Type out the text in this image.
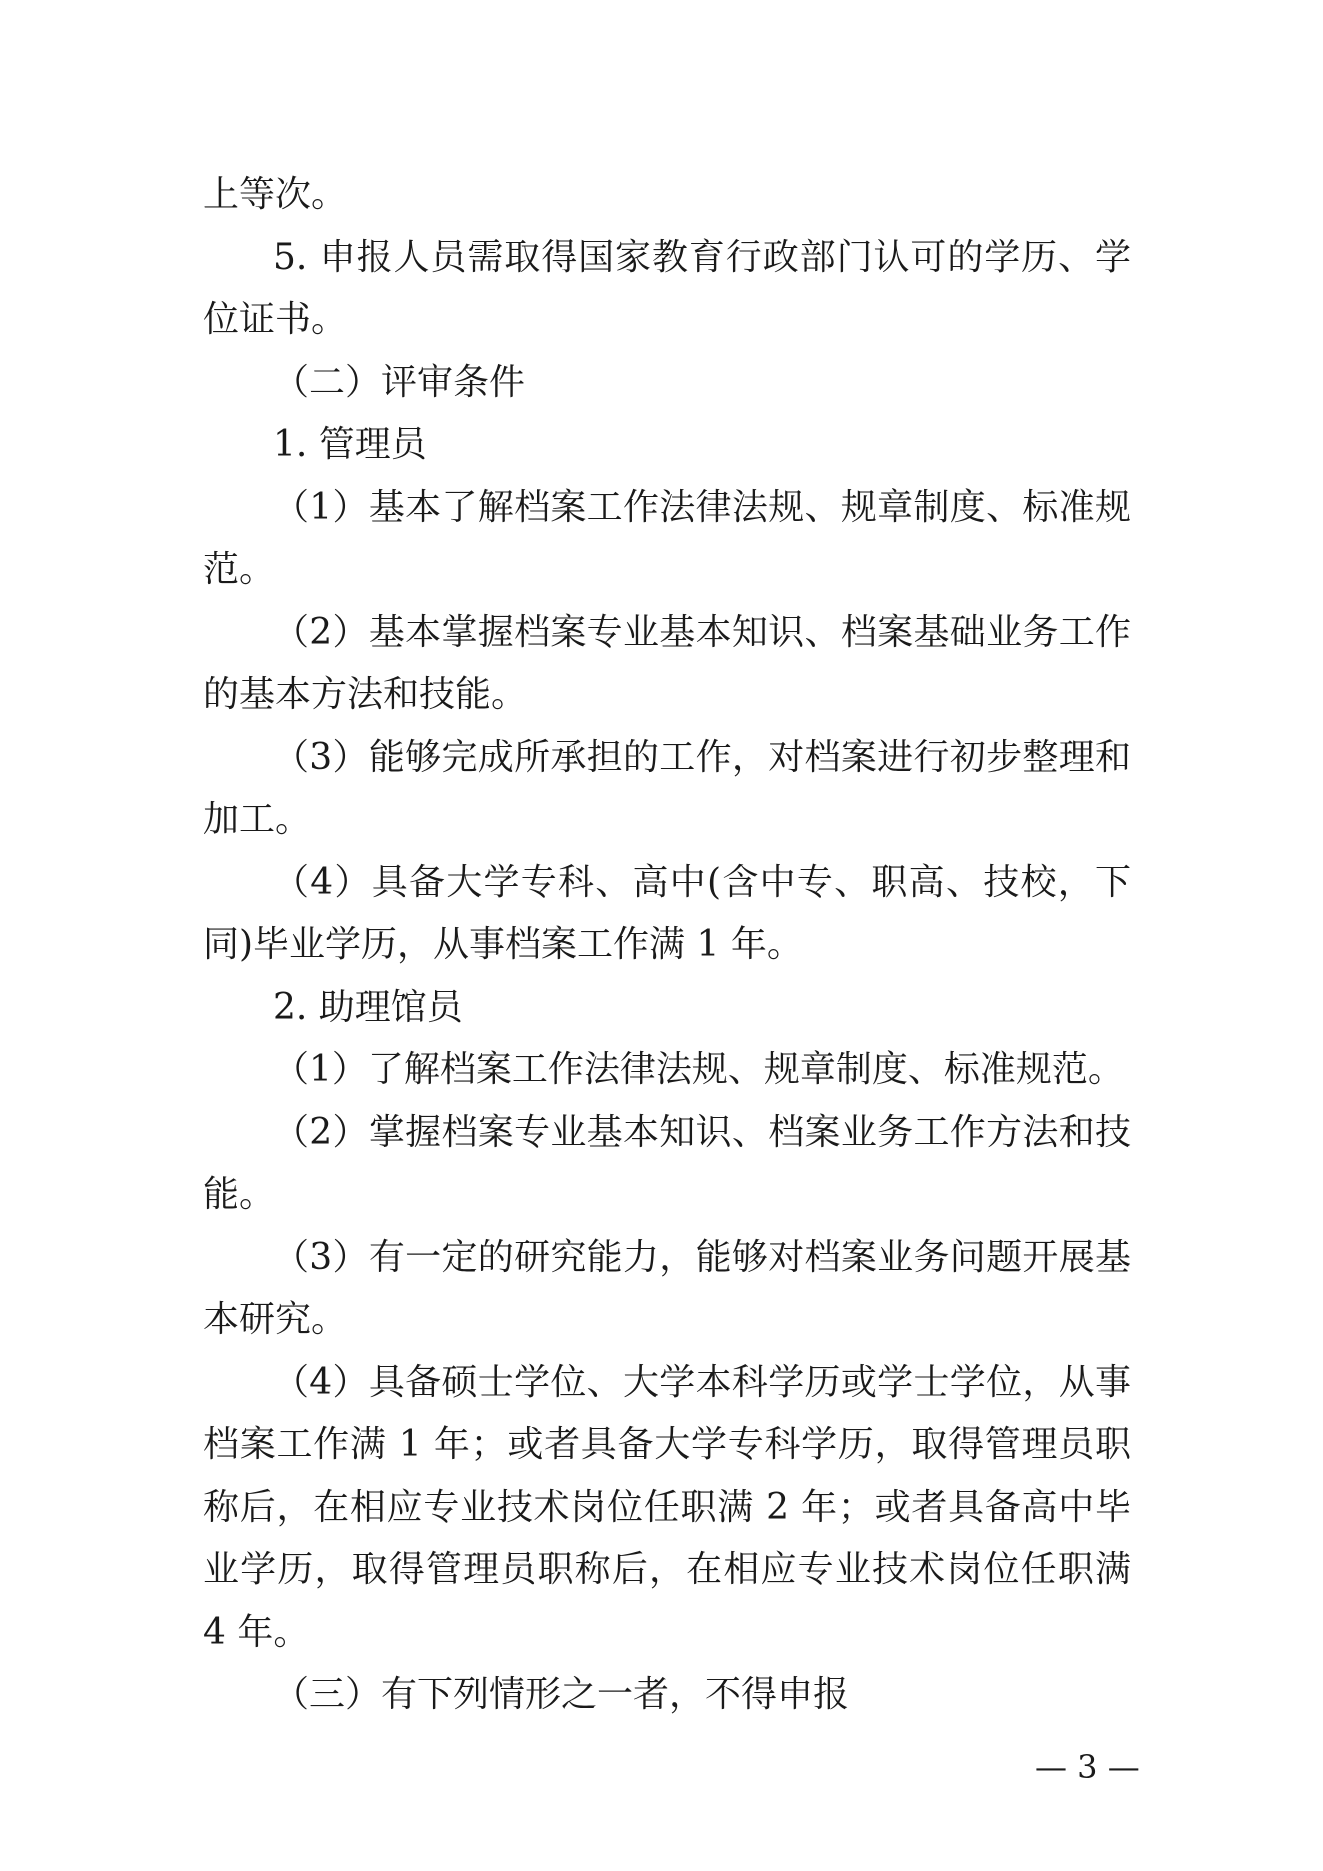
上等次。

5. 申报人员需取得国家教育行政部门认可的学历、学位证书。

（二）评审条件

1. 管理员

（1）基本了解档案工作法律法规、规章制度、标准规范。

（2）基本掌握档案专业基本知识、档案基础业务工作的基本方法和技能。

（3）能够完成所承担的工作，对档案进行初步整理和加工。

（4）具备大学专科、高中(含中专、职高、技校，下同)毕业学历，从事档案工作满 1 年。

2. 助理馆员

（1）了解档案工作法律法规、规章制度、标准规范。

（2）掌握档案专业基本知识、档案业务工作方法和技能。

（3）有一定的研究能力，能够对档案业务问题开展基本研究。

（4）具备硕士学位、大学本科学历或学士学位，从事档案工作满 1 年；或者具备大学专科学历，取得管理员职称后，在相应专业技术岗位任职满 2 年；或者具备高中毕业学历，取得管理员职称后，在相应专业技术岗位任职满 4 年。

（三）有下列情形之一者，不得申报

— 3 —
